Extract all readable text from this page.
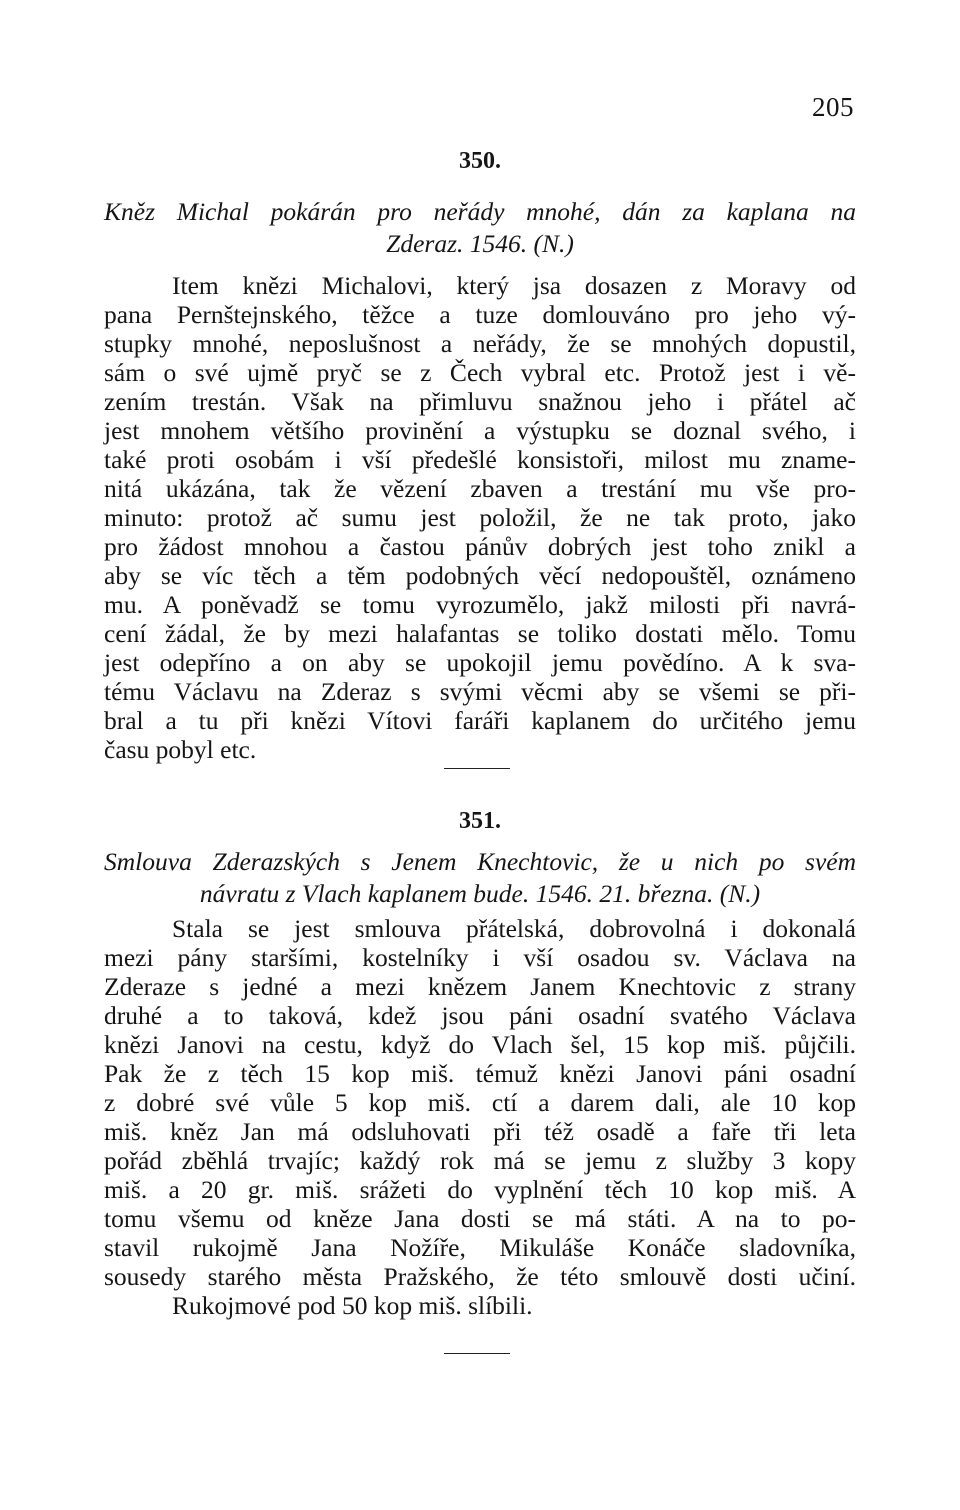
205
350.
Kněz Michal pokárán pro neřády mnohé, dán za kaplana na
Zderaz. 1546. (N.)
Item knězi Michalovi, který jsa dosazen z Moravy od
pana Pernštejnského, těžce a tuze domlouváno pro jeho vý-
stupky mnohé, neposlušnost a neřády, že se mnohých dopustil,
sám o své ujmě pryč se z Čech vybral etc. Protož jest i vě-
zením trestán. Však na přimluvu snažnou jeho i přátel ač
jest mnohem většího provinění a výstupku se doznal svého, i
také proti osobám i vší předešlé konsistoři, milost mu zname-
nitá ukázána, tak že vězení zbaven a trestání mu vše pro-
minuto: protož ač sumu jest položil, že ne tak proto, jako
pro žádost mnohou a častou pánův dobrých jest toho znikl a
aby se víc těch a těm podobných věcí nedopouštěl, oznámeno
mu. A poněvadž se tomu vyrozumělo, jakž milosti při navrá-
cení žádal, že by mezi halafantas se toliko dostati mělo. Tomu
jest odepříno a on aby se upokojil jemu povědíno. A k sva-
tému Václavu na Zderaz s svými věcmi aby se všemi se při-
bral a tu při knězi Vítovi faráři kaplanem do určitého jemu
času pobyl etc.
351.
Smlouva Zderazských s Jenem Knechtovic, že u nich po svém
návratu z Vlach kaplanem bude. 1546. 21. března. (N.)
Stala se jest smlouva přátelská, dobrovolná i dokonalá
mezi pány staršími, kostelníky i vší osadou sv. Václava na
Zderaze s jedné a mezi knězem Janem Knechtovic z strany
druhé a to taková, kdež jsou páni osadní svatého Václava
knězi Janovi na cestu, když do Vlach šel, 15 kop miš. půjčili.
Pak že z těch 15 kop miš. témuž knězi Janovi páni osadní
z dobré své vůle 5 kop miš. ctí a darem dali, ale 10 kop
miš. kněz Jan má odsluhovati při též osadě a faře tři leta
pořád zběhlá trvajíc; každý rok má se jemu z služby 3 kopy
miš. a 20 gr. miš. srážeti do vyplnění těch 10 kop miš. A
tomu všemu od kněze Jana dosti se má státi. A na to po-
stavil rukojmě Jana Nožíře, Mikuláše Konáče sladovníka,
sousedy starého města Pražského, že této smlouvě dosti učiní.
Rukojmové pod 50 kop miš. slíbili.
